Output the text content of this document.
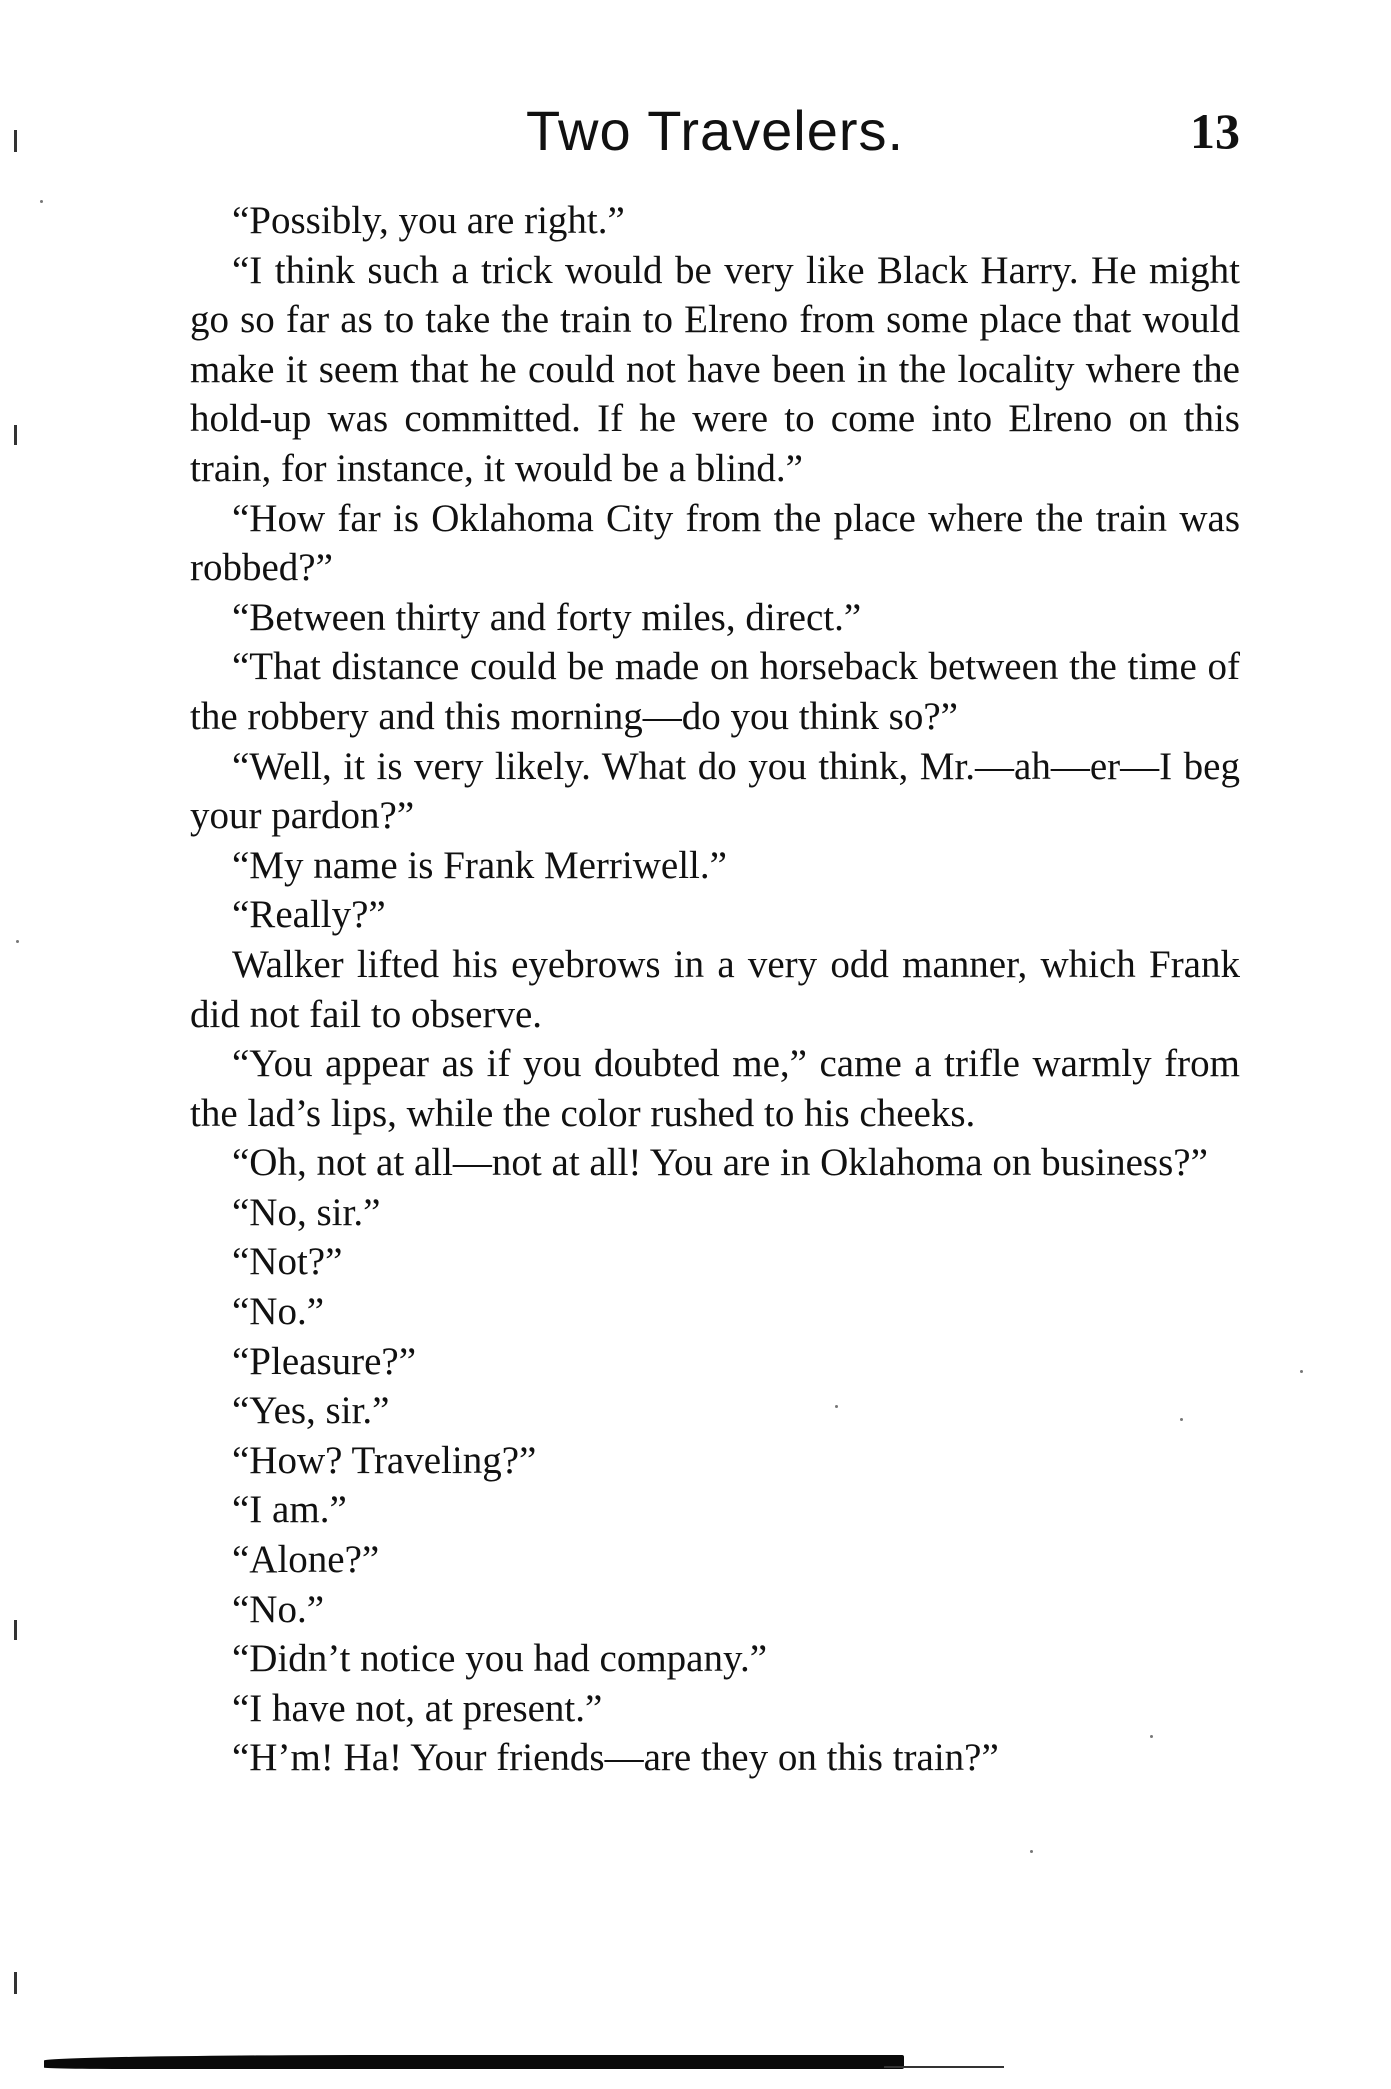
Two Travelers.	13

“Possibly, you are right.”

“I think such a trick would be very like Black Harry. He might go so far as to take the train to Elreno from some place that would make it seem that he could not have been in the locality where the hold-up was committed. If he were to come into Elreno on this train, for instance, it would be a blind.”

“How far is Oklahoma City from the place where the train was robbed?”

“Between thirty and forty miles, direct.”

“That distance could be made on horseback between the time of the robbery and this morning—do you think so?”

“Well, it is very likely. What do you think, Mr.—ah—er—I beg your pardon?”

“My name is Frank Merriwell.”

“Really?”

Walker lifted his eyebrows in a very odd manner, which Frank did not fail to observe.

“You appear as if you doubted me,” came a trifle warmly from the lad’s lips, while the color rushed to his cheeks.

“Oh, not at all—not at all! You are in Oklahoma on business?”

“No, sir.”

“Not?”

“No.”

“Pleasure?”

“Yes, sir.”

“How? Traveling?”

“I am.”

“Alone?”

“No.”

“Didn’t notice you had company.”

“I have not, at present.”

“H’m! Ha! Your friends—are they on this train?”
